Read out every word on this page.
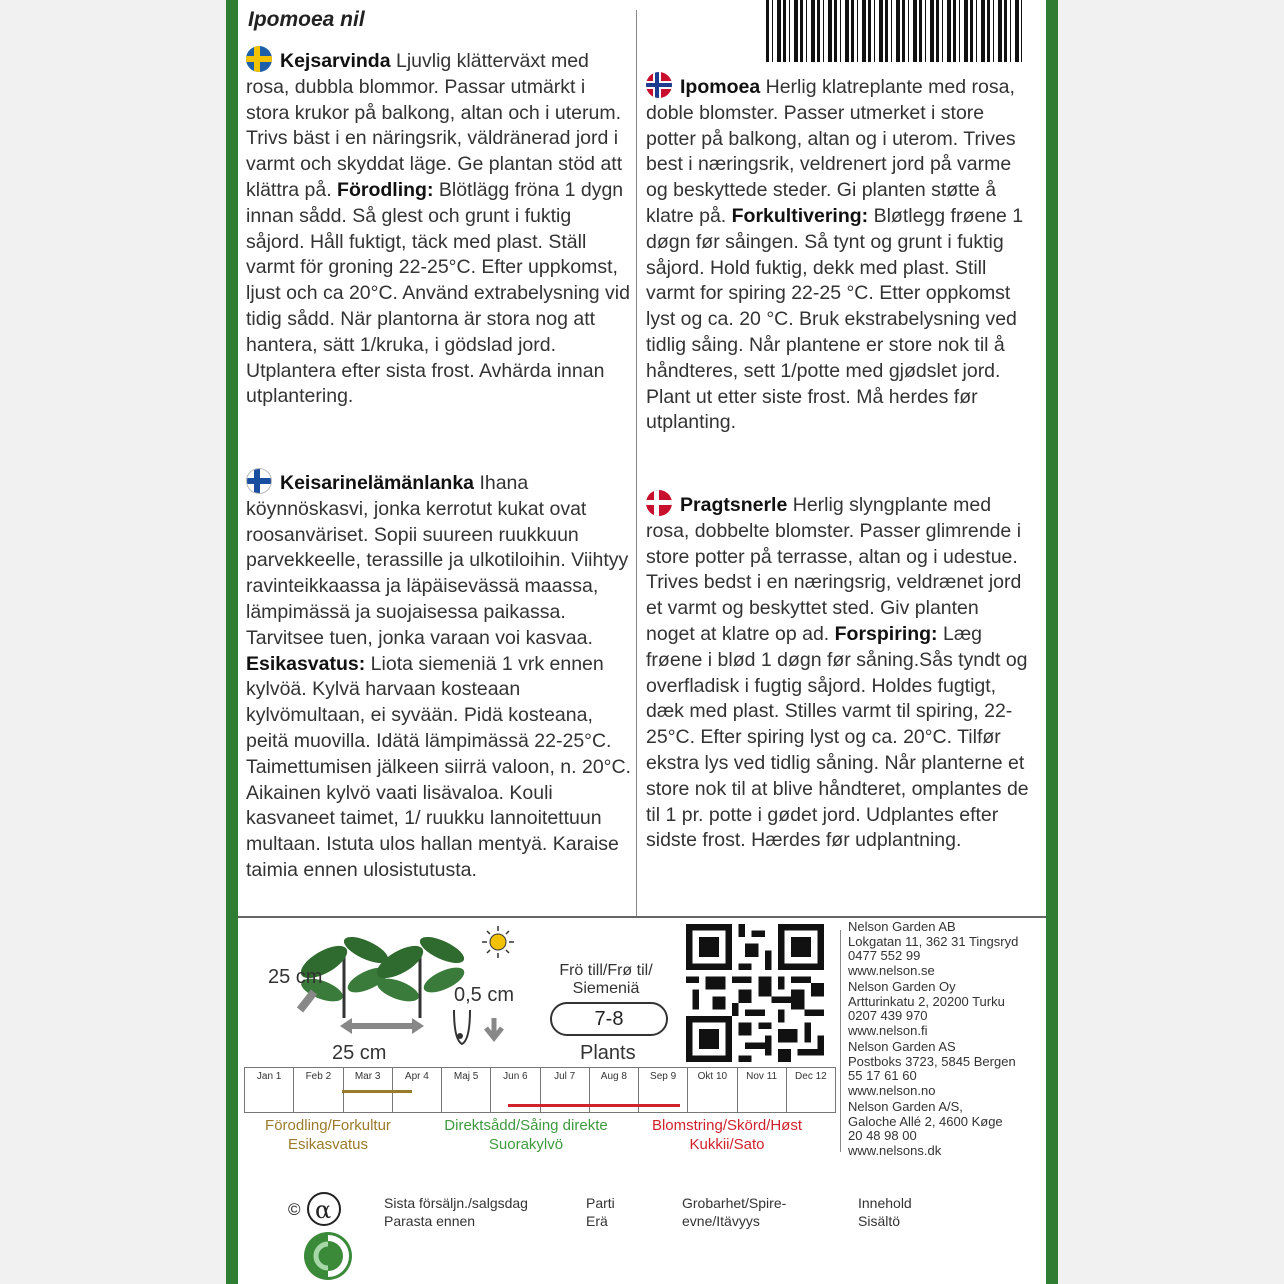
Ipomoea nil
Kejsarvinda Ljuvlig klätterväxt med rosa, dubbla blommor. Passar utmärkt i stora krukor på balkong, altan och i uterum. Trivs bäst i en näringsrik, väldränerad jord i varmt och skyddat läge. Ge plantan stöd att klättra på. Förodling: Blötlägg fröna 1 dygn innan sådd. Så glest och grunt i fuktig såjord. Håll fuktigt, täck med plast. Ställ varmt för groning 22-25°C. Efter uppkomst, ljust och ca 20°C. Använd extrabelysning vid tidig sådd. När plantorna är stora nog att hantera, sätt 1/kruka, i gödslad jord. Utplantera efter sista frost. Avhärda innan utplantering.
Ipomoea Herlig klatreplante med rosa, doble blomster. Passer utmerket i store potter på balkong, altan og i uterom. Trives best i næringsrik, veldrenert jord på varme og beskyttede steder. Gi planten støtte å klatre på. Forkultivering: Bløtlegg frøene 1 døgn før såingen. Så tynt og grunt i fuktig såjord. Hold fuktig, dekk med plast. Still varmt for spiring 22-25 °C. Etter oppkomst lyst og ca. 20 °C. Bruk ekstrabelysning ved tidlig såing. Når plantene er store nok til å håndteres, sett 1/potte med gjødslet jord. Plant ut etter siste frost. Må herdes før utplanting.
Keisarinelämänlanka Ihana köynnöskasvi, jonka kerrotut kukat ovat roosanväriset. Sopii suureen ruukkuun parvekkeelle, terassille ja ulkotiloihin. Viihtyy ravinteikkaassa ja läpäisevässä maassa, lämpimässä ja suojaisessa paikassa. Tarvitsee tuen, jonka varaan voi kasvaa. Esikasvatus: Liota siemeniä 1 vrk ennen kylvöä. Kylvä harvaan kosteaan kylvömultaan, ei syvään. Pidä kosteana, peitä muovilla. Idätä lämpimässä 22-25°C. Taimettumisen jälkeen siirrä valoon, n. 20°C. Aikainen kylvö vaati lisävaloa. Kouli kasvaneet taimet, 1/ ruukku lannoitettuun multaan. Istuta ulos hallan mentyä. Karaise taimia ennen ulosistutusta.
Pragtsnerle Herlig slyngplante med rosa, dobbelte blomster. Passer glimrende i store potter på terrasse, altan og i udestue. Trives bedst i en næringsrig, veldrænet jord et varmt og beskyttet sted. Giv planten noget at klatre op ad. Forspiring: Læg frøene i blød 1 døgn før såning.Sås tyndt og overfladisk i fugtig såjord. Holdes fugtigt, dæk med plast. Stilles varmt til spiring, 22-25°C. Efter spiring lyst og ca. 20°C. Tilfør ekstra lys ved tidlig såning. Når planterne et store nok til at blive håndteret, omplantes de til 1 pr. potte i gødet jord. Udplantes efter sidste frost. Hærdes før udplantning.
25 cm
25 cm
0,5 cm
Frö till/Frø til/ Siemeniä
7-8
Plants
Jan 1	Feb 2	Mar 3	Apr 4	Maj 5	Jun 6	Jul 7	Aug 8	Sep 9	Okt 10	Nov 11	Dec 12
Förodling/Forkultur
Esikasvatus
Direktsådd/Såing direkte
Suorakylvö
Blomstring/Skörd/Høst
Kukkii/Sato
Nelson Garden AB
Lokgatan 11, 362 31 Tingsryd
0477 552 99
www.nelson.se
Nelson Garden Oy
Artturinkatu 2, 20200 Turku
0207 439 970
www.nelson.fi
Nelson Garden AS
Postboks 3723, 5845 Bergen
55 17 61 60
www.nelson.no
Nelson Garden A/S,
Galoche Allé 2, 4600 Køge
20 48 98 00
www.nelsons.dk
© α	Sista försäljn./salgsdag
Parasta ennen
Parti
Erä
Grobarhet/Spire-
evne/Itävyys
Innehold
Sisältö
